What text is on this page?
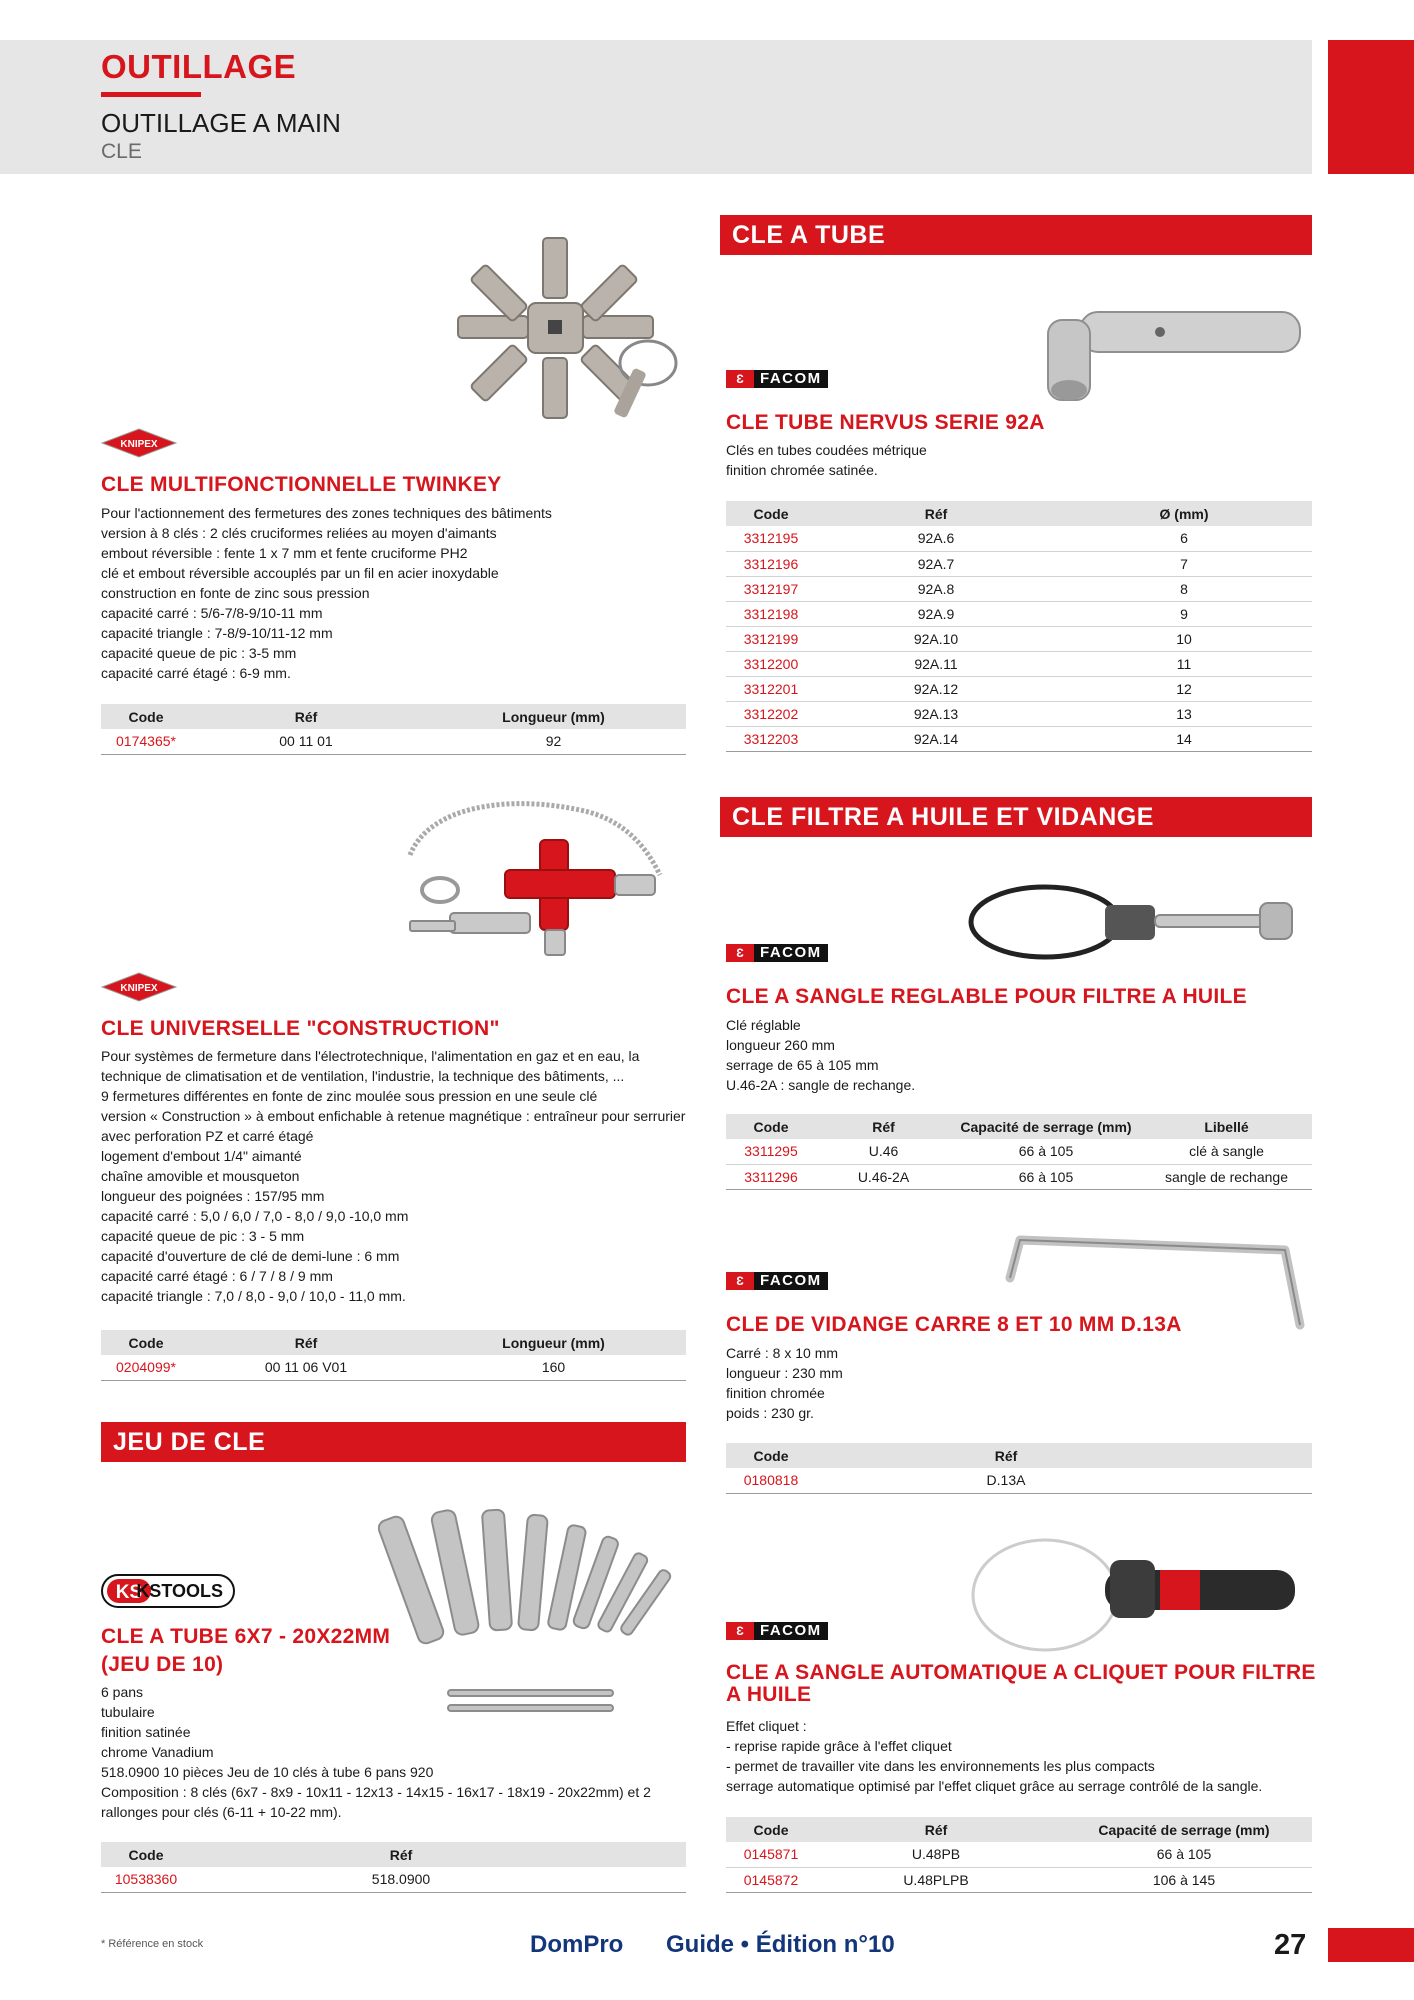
OUTILLAGE
OUTILLAGE A MAIN
CLE
KNIPEX
CLE MULTIFONCTIONNELLE TWINKEY
Pour l'actionnement des fermetures des zones techniques des bâtiments
version à 8 clés : 2 clés cruciformes reliées au moyen d'aimants
embout réversible : fente 1 x 7 mm et fente cruciforme PH2
clé et embout réversible accouplés par un fil en acier inoxydable
construction en fonte de zinc sous pression
capacité carré : 5/6-7/8-9/10-11 mm
capacité triangle : 7-8/9-10/11-12 mm
capacité queue de pic : 3-5 mm
capacité carré étagé : 6-9 mm.
Code	Réf	Longueur (mm)
0174365*	00 11 01	92
KNIPEX
CLE UNIVERSELLE "CONSTRUCTION"
Pour systèmes de fermeture dans l'électrotechnique, l'alimentation en gaz et en eau, la
technique de climatisation et de ventilation, l'industrie, la technique des bâtiments, ...
9 fermetures différentes en fonte de zinc moulée sous pression en une seule clé
version « Construction » à embout enfichable à retenue magnétique : entraîneur pour serrurier
avec perforation PZ et carré étagé
logement d'embout 1/4" aimanté
chaîne amovible et mousqueton
longueur des poignées : 157/95 mm
capacité carré : 5,0 / 6,0 / 7,0 - 8,0 / 9,0 -10,0 mm
capacité queue de pic : 3 - 5 mm
capacité d'ouverture de clé de demi-lune : 6 mm
capacité carré étagé : 6 / 7 / 8 / 9 mm
capacité triangle : 7,0 / 8,0 - 9,0 / 10,0 - 11,0 mm.
Code	Réf	Longueur (mm)
0204099*	00 11 06 V01	160
JEU DE CLE
KS
KSTOOLS
CLE A TUBE 6X7 - 20X22MM
(JEU DE 10)
6 pans
tubulaire
finition satinée
chrome Vanadium
518.0900 10 pièces Jeu de 10 clés à tube 6 pans 920
Composition : 8 clés (6x7 - 8x9 - 10x11 - 12x13 - 14x15 - 16x17 - 18x19 - 20x22mm) et 2
rallonges pour clés (6-11 + 10-22 mm).
Code	Réf	
10538360	518.0900	
CLE A TUBE
Ɛ	FACOM
CLE TUBE NERVUS SERIE 92A
Clés en tubes coudées métrique
finition chromée satinée.
Code	Réf	Ø (mm)
3312195	92A.6	6
3312196	92A.7	7
3312197	92A.8	8
3312198	92A.9	9
3312199	92A.10	10
3312200	92A.11	11
3312201	92A.12	12
3312202	92A.13	13
3312203	92A.14	14
CLE FILTRE A HUILE ET VIDANGE
Ɛ	FACOM
CLE A SANGLE REGLABLE POUR FILTRE A HUILE
Clé réglable
longueur 260 mm
serrage de 65 à 105 mm
U.46-2A : sangle de rechange.
Code	Réf	Capacité de serrage (mm)	Libellé
3311295	U.46	66 à 105	clé à sangle
3311296	U.46-2A	66 à 105	sangle de rechange
Ɛ	FACOM
CLE DE VIDANGE CARRE 8 ET 10 MM D.13A
Carré : 8 x 10 mm
longueur : 230 mm
finition chromée
poids : 230 gr.
Code	Réf	
0180818	D.13A	
Ɛ	FACOM
CLE A SANGLE AUTOMATIQUE A CLIQUET POUR FILTRE
A HUILE
Effet cliquet :
- reprise rapide grâce à l'effet cliquet
- permet de travailler vite dans les environnements les plus compacts
serrage automatique optimisé par l'effet cliquet grâce au serrage contrôlé de la sangle.
Code	Réf	Capacité de serrage (mm)
0145871	U.48PB	66 à 105
0145872	U.48PLPB	106 à 145
* Référence en stock	DomPro Guide • Édition n°10	27
